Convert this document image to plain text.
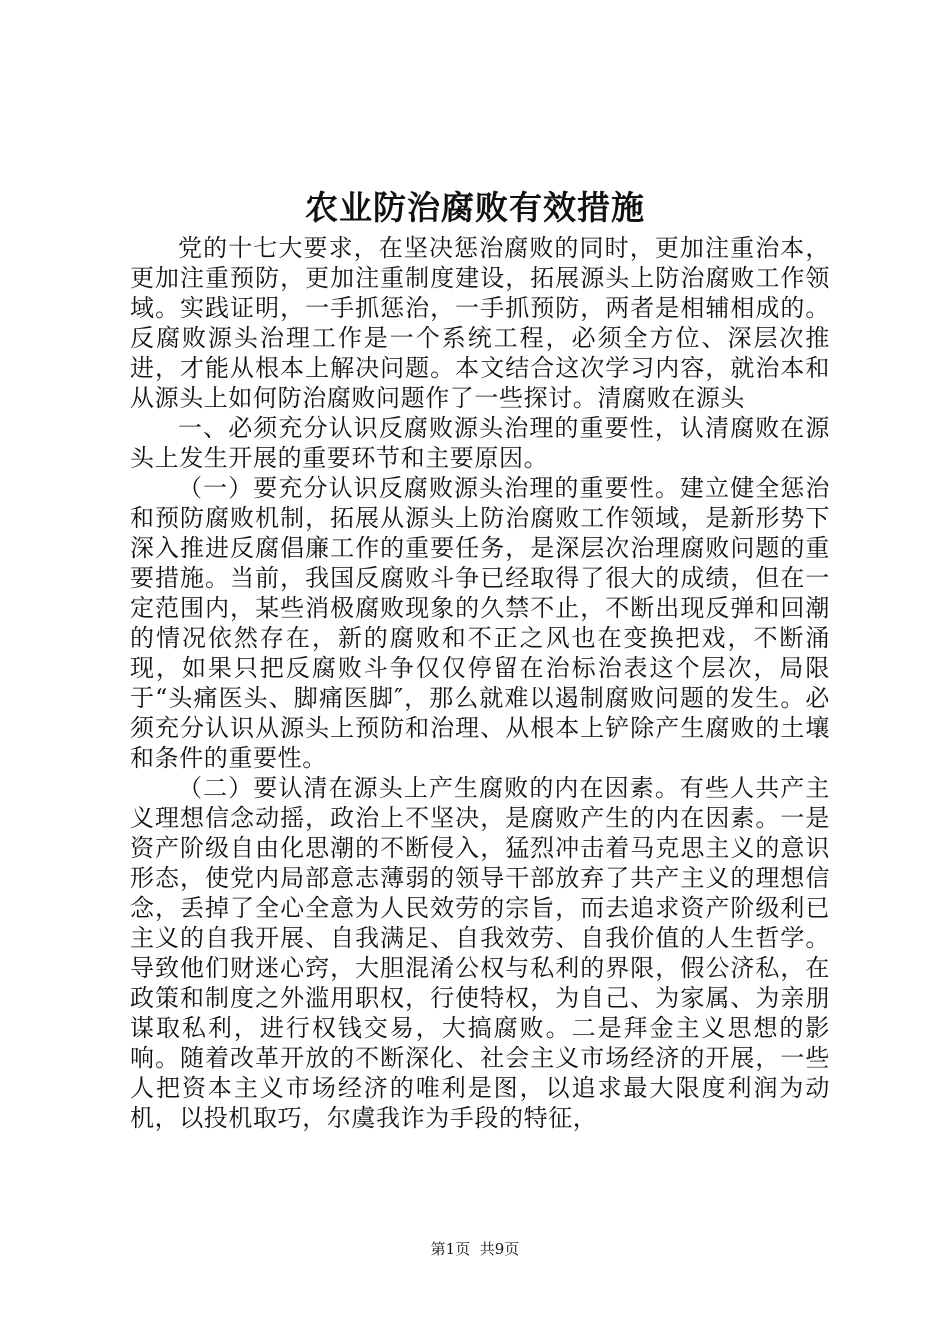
农业防治腐败有效措施

党的十七大要求，在坚决惩治腐败的同时，更加注重治本，更加注重预防，更加注重制度建设，拓展源头上防治腐败工作领域。实践证明，一手抓惩治，一手抓预防，两者是相辅相成的。反腐败源头治理工作是一个系统工程，必须全方位、深层次推进，才能从根本上解决问题。本文结合这次学习内容，就治本和从源头上如何防治腐败问题作了一些探讨。清腐败在源头

一、必须充分认识反腐败源头治理的重要性，认清腐败在源头上发生开展的重要环节和主要原因。

（一）要充分认识反腐败源头治理的重要性。建立健全惩治和预防腐败机制，拓展从源头上防治腐败工作领域，是新形势下深入推进反腐倡廉工作的重要任务，是深层次治理腐败问题的重要措施。当前，我国反腐败斗争已经取得了很大的成绩，但在一定范围内，某些消极腐败现象的久禁不止，不断出现反弹和回潮的情况依然存在，新的腐败和不正之风也在变换把戏，不断涌现，如果只把反腐败斗争仅仅停留在治标治表这个层次，局限于“头痛医头、脚痛医脚″，那么就难以遏制腐败问题的发生。必须充分认识从源头上预防和治理、从根本上铲除产生腐败的土壤和条件的重要性。

（二）要认清在源头上产生腐败的内在因素。有些人共产主义理想信念动摇，政治上不坚决，是腐败产生的内在因素。一是资产阶级自由化思潮的不断侵入，猛烈冲击着马克思主义的意识形态，使党内局部意志薄弱的领导干部放弃了共产主义的理想信念，丢掉了全心全意为人民效劳的宗旨，而去追求资产阶级利已主义的自我开展、自我满足、自我效劳、自我价值的人生哲学。导致他们财迷心窍，大胆混淆公权与私利的界限，假公济私，在政策和制度之外滥用职权，行使特权，为自己、为家属、为亲朋谋取私利，进行权钱交易，大搞腐败。二是拜金主义思想的影响。随着改革开放的不断深化、社会主义市场经济的开展，一些人把资本主义市场经济的唯利是图，以追求最大限度利润为动机，以投机取巧，尔虞我诈为手段的特征，

第1页 共9页
